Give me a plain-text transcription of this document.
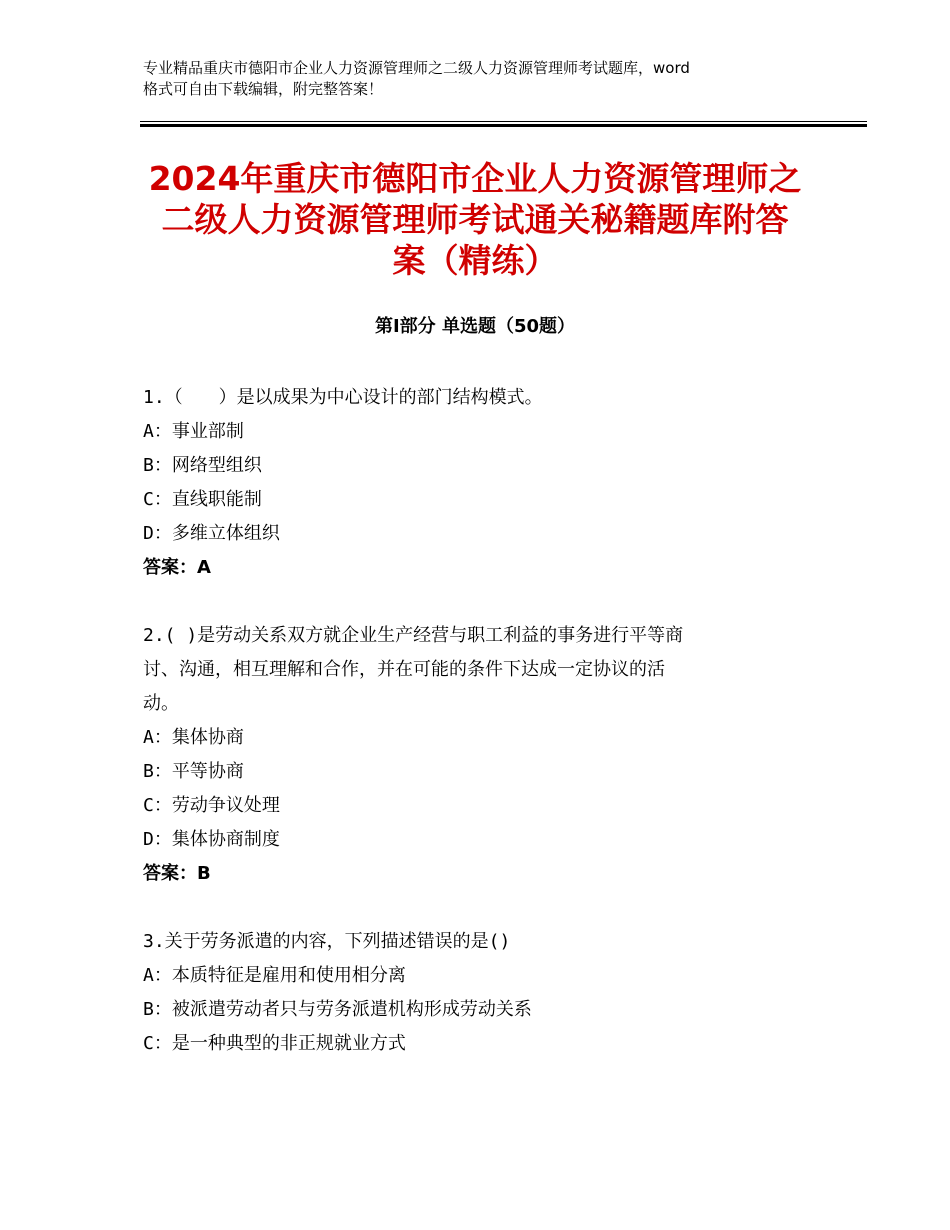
专业精品重庆市德阳市企业人力资源管理师之二级人力资源管理师考试题库，word
格式可自由下载编辑，附完整答案！
2024年重庆市德阳市企业人力资源管理师之
二级人力资源管理师考试通关秘籍题库附答
案（精练）
第Ⅰ部分 单选题（50题）
1.（　　）是以成果为中心设计的部门结构模式。
A：事业部制
B：网络型组织
C：直线职能制
D：多维立体组织
答案：A
2.( )是劳动关系双方就企业生产经营与职工利益的事务进行平等商
讨、沟通，相互理解和合作，并在可能的条件下达成一定协议的活
动。
A：集体协商
B：平等协商
C：劳动争议处理
D：集体协商制度
答案：B
3.关于劳务派遣的内容，下列描述错误的是()
A：本质特征是雇用和使用相分离
B：被派遣劳动者只与劳务派遣机构形成劳动关系
C：是一种典型的非正规就业方式
